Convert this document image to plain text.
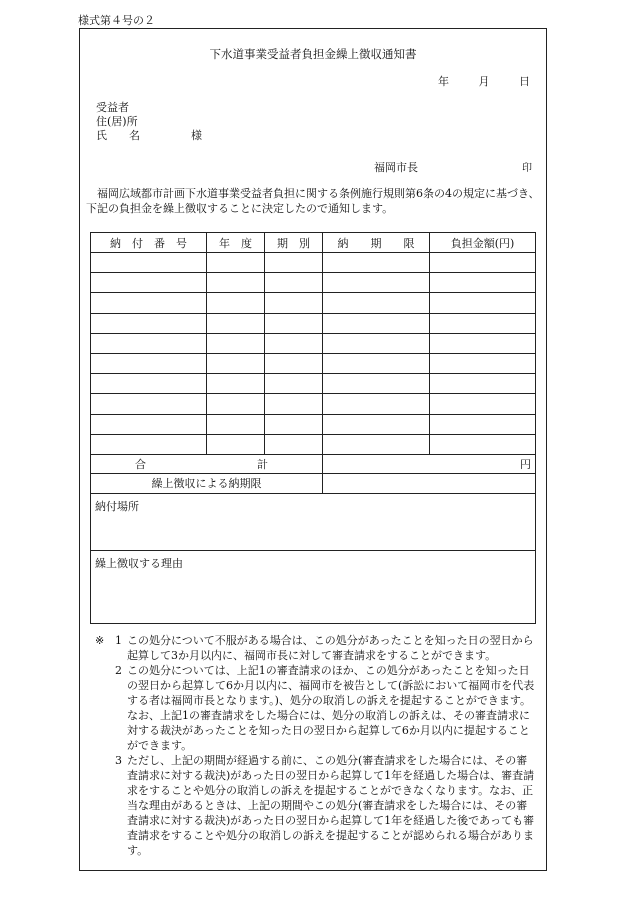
様式第４号の２
下水道事業受益者負担金繰上徴収通知書
年	月	日
受益者
住(居)所
氏　　名	様
福岡市長	印
福岡広域都市計画下水道事業受益者負担に関する条例施行規則第6条の4の規定に基づき、下記の負担金を繰上徴収することに決定したので通知します。
納　付　番　号	年　度	期　別	納　　期　　限	負担金額(円)

合 計			円	
繰上徴収による納期限				
納付場所				
繰上徴収する理由				
※ 1 この処分について不服がある場合は、この処分があったことを知った日の翌日から起算して3か月以内に、福岡市長に対して審査請求をすることができます。
2 この処分については、上記1の審査請求のほか、この処分があったことを知った日の翌日から起算して6か月以内に、福岡市を被告として(訴訟において福岡市を代表する者は福岡市長となります。)、処分の取消しの訴えを提起することができます。なお、上記1の審査請求をした場合には、処分の取消しの訴えは、その審査請求に対する裁決があったことを知った日の翌日から起算して6か月以内に提起することができます。
3 ただし、上記の期間が経過する前に、この処分(審査請求をした場合には、その審査請求に対する裁決)があった日の翌日から起算して1年を経過した場合は、審査請求をすることや処分の取消しの訴えを提起することができなくなります。なお、正当な理由があるときは、上記の期間やこの処分(審査請求をした場合には、その審査請求に対する裁決)があった日の翌日から起算して1年を経過した後であっても審査請求をすることや処分の取消しの訴えを提起することが認められる場合があります。
